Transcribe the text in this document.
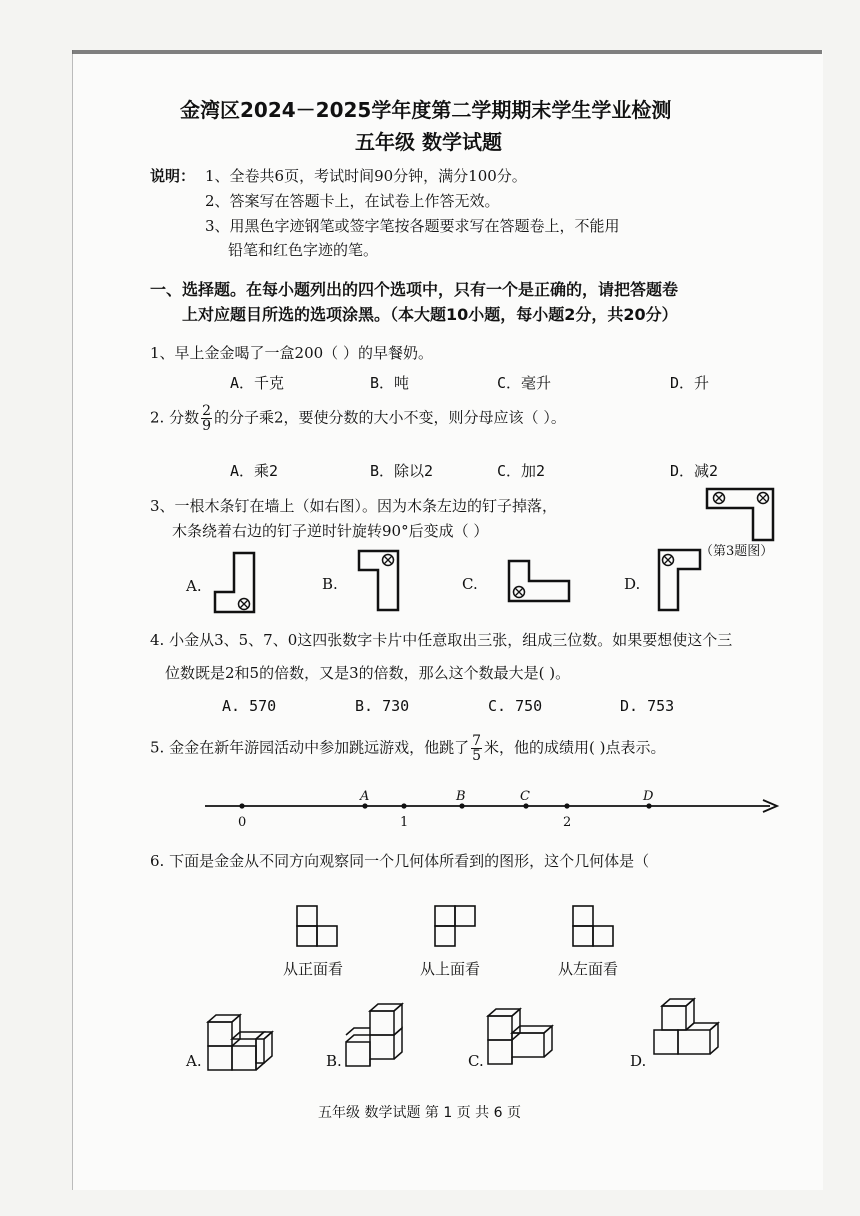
金湾区2024－2025学年度第二学期期末学生学业检测
五年级 数学试题
说明： 1、全卷共6页，考试时间90分钟，满分100分。
2、答案写在答题卡上，在试卷上作答无效。
3、用黑色字迹钢笔或签字笔按各题要求写在答题卷上，不能用
铅笔和红色字迹的笔。
一、选择题。在每小题列出的四个选项中，只有一个是正确的，请把答题卷
上对应题目所选的选项涂黑。（本大题10小题，每小题2分，共20分）
1、早上金金喝了一盒200（ ）的早餐奶。
A．千克	B．吨	C．毫升	D．升
2. 分数 $\frac{2}{9}$ 的分子乘2，要使分数的大小不变，则分母应该（ ）。
A．乘2	B．除以2	C．加2	D．减2
3、一根木条钉在墙上（如右图）。因为木条左边的钉子掉落，
木条绕着右边的钉子逆时针旋转90°后变成（ ）
（第3题图）
A.	B.	C.	D.
4. 小金从3、5、7、0这四张数字卡片中任意取出三张，组成三位数。如果要想使这个三
位数既是2和5的倍数，又是3的倍数，那么这个数最大是( )。
A. 570	B. 730	C. 750	D. 753
5. 金金在新年游园活动中参加跳远游戏，他跳了 $\frac{7}{5}$ 米，他的成绩用( )点表示。
0
A
1
B	C
2
D
6. 下面是金金从不同方向观察同一个几何体所看到的图形，这个几何体是（
从正面看	从上面看	从左面看
A.	B.	C.	D.
五年级 数学试题 第 1 页 共 6 页
